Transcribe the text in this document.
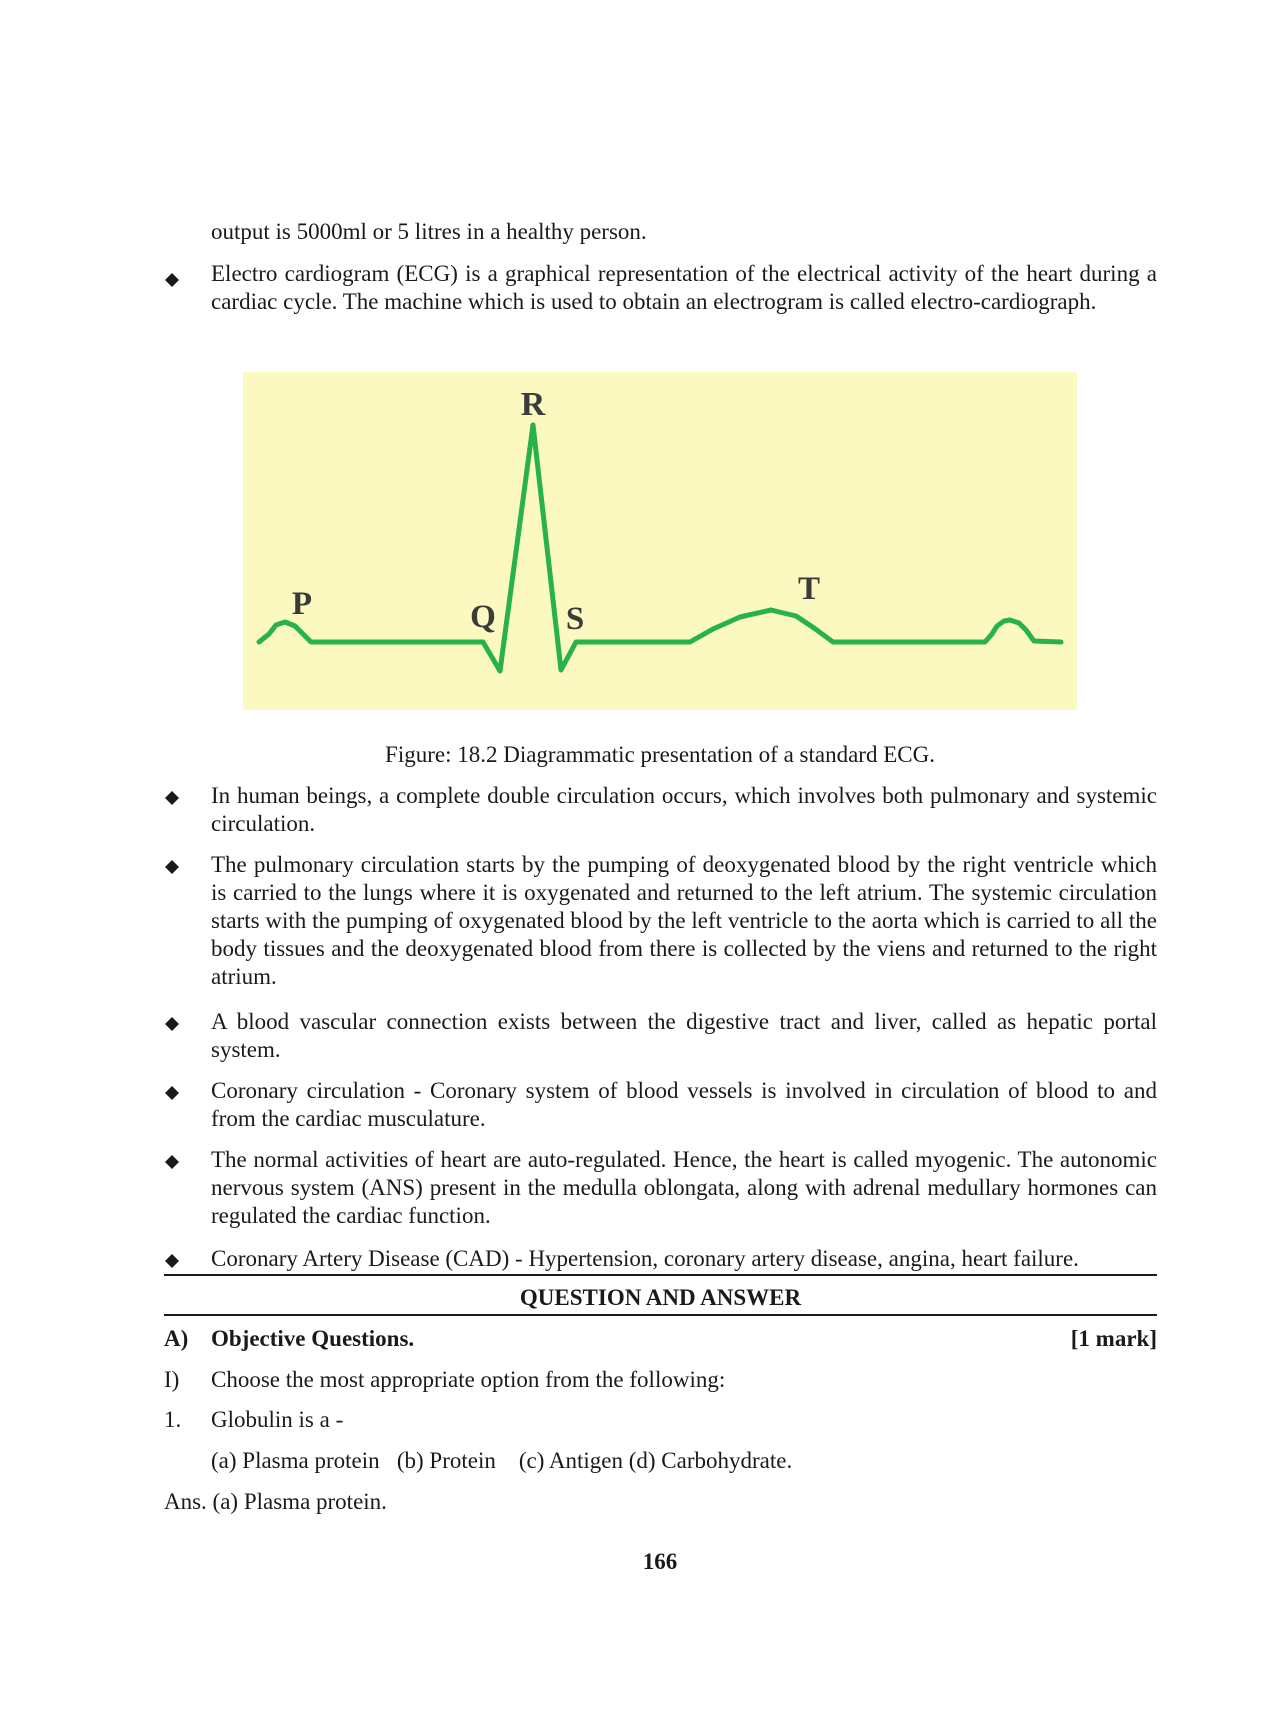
output is 5000ml or 5 litres in a healthy person.
Electro cardiogram (ECG) is a graphical representation of the electrical activity of the heart during a cardiac cycle. The machine which is used to obtain an electrogram is called electro-cardiograph.
R
P	Q S
T
Figure: 18.2 Diagrammatic presentation of a standard ECG.
In human beings, a complete double circulation occurs, which involves both pulmonary and systemic circulation.
The pulmonary circulation starts by the pumping of deoxygenated blood by the right ventricle which is carried to the lungs where it is oxygenated and returned to the left atrium. The systemic circulation starts with the pumping of oxygenated blood by the left ventricle to the aorta which is carried to all the body tissues and the deoxygenated blood from there is collected by the viens and returned to the right atrium.
A blood vascular connection exists between the digestive tract and liver, called as hepatic portal system.
Coronary circulation - Coronary system of blood vessels is involved in circulation of blood to and from the cardiac musculature.
The normal activities of heart are auto-regulated. Hence, the heart is called myogenic. The autonomic nervous system (ANS) present in the medulla oblongata, along with adrenal medullary hormones can regulated the cardiac function.
Coronary Artery Disease (CAD) - Hypertension, coronary artery disease, angina, heart failure.
QUESTION AND ANSWER
A) Objective Questions.	[1 mark]
I) Choose the most appropriate option from the following:
1. Globulin is a -
(a) Plasma protein   (b) Protein    (c) Antigen (d) Carbohydrate.
Ans. (a) Plasma protein.
166
